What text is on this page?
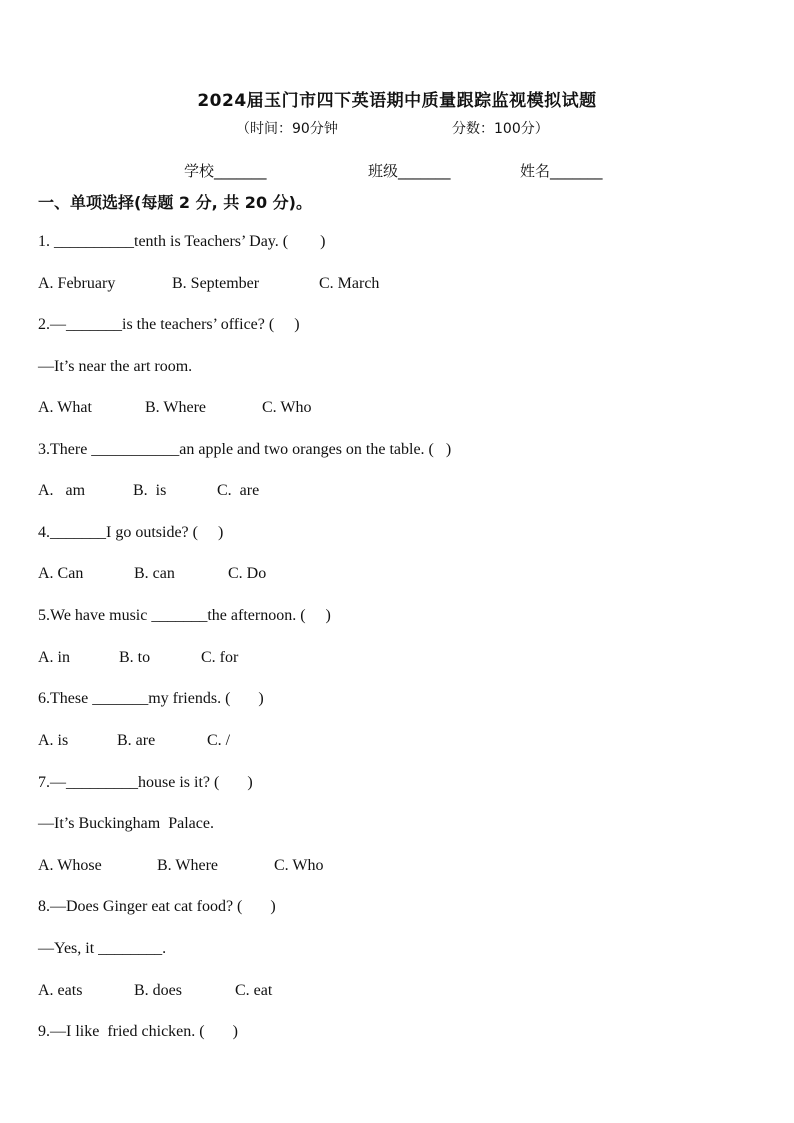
2024届玉门市四下英语期中质量跟踪监视模拟试题
（时间：90分钟	分数：100分）
学校_______	班级_______	姓名_______
一、单项选择(每题 2 分, 共 20 分)。
1. __________tenth is Teachers’ Day. (        )
A. February	B. September	C. March
2.—_______is the teachers’ office? (     )
—It’s near the art room.
A. What	B. Where	C. Who
3.There ___________an apple and two oranges on the table. (   )
A.   am	B.  is	C.  are
4._______I go outside? (     )
A. Can	B. can	C. Do
5.We have music _______the afternoon. (     )
A. in	B. to	C. for
6.These _______my friends. (       )
A. is	B. are	C. /
7.—_________house is it? (       )
—It’s Buckingham  Palace.
A. Whose	B. Where	C. Who
8.—Does Ginger eat cat food? (       )
—Yes, it ________.
A. eats	B. does	C. eat
9.—I like  fried chicken. (       )
